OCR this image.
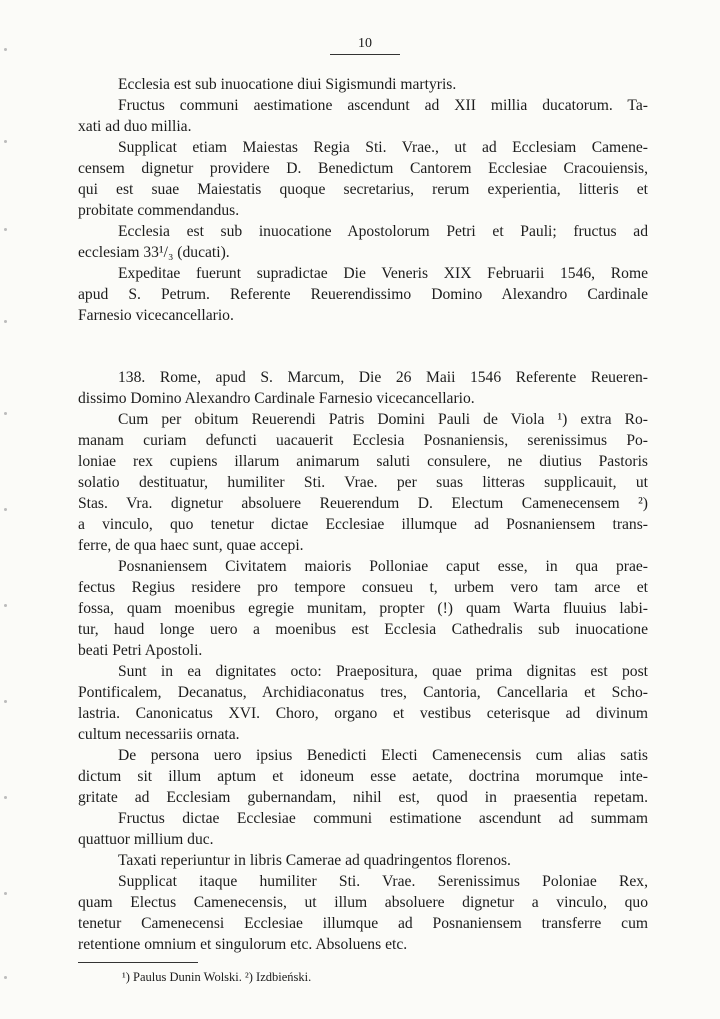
10
Ecclesia est sub inuocatione diui Sigismundi martyris.
Fructus communi aestimatione ascendunt ad XII millia ducatorum. Ta-
xati ad duo millia.
Supplicat etiam Maiestas Regia Sti. Vrae., ut ad Ecclesiam Camene-
censem dignetur providere D. Benedictum Cantorem Ecclesiae Cracouiensis,
qui est suae Maiestatis quoque secretarius, rerum experientia, litteris et
probitate commendandus.
Ecclesia est sub inuocatione Apostolorum Petri et Pauli; fructus ad
ecclesiam 33¹/₃ (ducati).
Expeditae fuerunt supradictae Die Veneris XIX Februarii 1546, Rome
apud S. Petrum. Referente Reuerendissimo Domino Alexandro Cardinale
Farnesio vicecancellario.
138. Rome, apud S. Marcum, Die 26 Maii 1546 Referente Reueren-
dissimo Domino Alexandro Cardinale Farnesio vicecancellario.
Cum per obitum Reuerendi Patris Domini Pauli de Viola ¹) extra Ro-
manam curiam defuncti uacauerit Ecclesia Posnaniensis, serenissimus Po-
loniae rex cupiens illarum animarum saluti consulere, ne diutius Pastoris
solatio destituatur, humiliter Sti. Vrae. per suas litteras supplicauit, ut
Stas. Vra. dignetur absoluere Reuerendum D. Electum Camenecensem ²)
a vinculo, quo tenetur dictae Ecclesiae illumque ad Posnaniensem trans-
ferre, de qua haec sunt, quae accepi.
Posnaniensem Civitatem maioris Polloniae caput esse, in qua prae-
fectus Regius residere pro tempore consueu t, urbem vero tam arce et
fossa, quam moenibus egregie munitam, propter (!) quam Warta fluuius labi-
tur, haud longe uero a moenibus est Ecclesia Cathedralis sub inuocatione
beati Petri Apostoli.
Sunt in ea dignitates octo: Praepositura, quae prima dignitas est post
Pontificalem, Decanatus, Archidiaconatus tres, Cantoria, Cancellaria et Scho-
lastria. Canonicatus XVI. Choro, organo et vestibus ceterisque ad divinum
cultum necessariis ornata.
De persona uero ipsius Benedicti Electi Camenecensis cum alias satis
dictum sit illum aptum et idoneum esse aetate, doctrina morumque inte-
gritate ad Ecclesiam gubernandam, nihil est, quod in praesentia repetam.
Fructus dictae Ecclesiae communi estimatione ascendunt ad summam
quattuor millium duc.
Taxati reperiuntur in libris Camerae ad quadringentos florenos.
Supplicat itaque humiliter Sti. Vrae. Serenissimus Poloniae Rex,
quam Electus Camenecensis, ut illum absoluere dignetur a vinculo, quo
tenetur Camenecensi Ecclesiae illumque ad Posnaniensem transferre cum
retentione omnium et singulorum etc. Absoluens etc.
¹) Paulus Dunin Wolski. ²) Izdbieński.
